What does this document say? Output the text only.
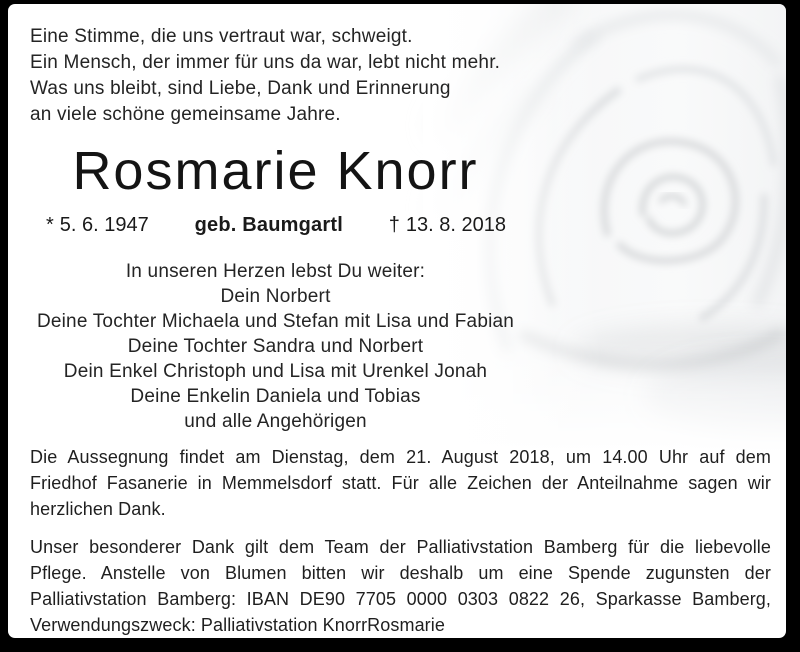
Eine Stimme, die uns vertraut war, schweigt.
Ein Mensch, der immer für uns da war, lebt nicht mehr.
Was uns bleibt, sind Liebe, Dank und Erinnerung
an viele schöne gemeinsame Jahre.
Rosmarie Knorr
* 5. 6. 1947 geb. Baumgartl † 13. 8. 2018
In unseren Herzen lebst Du weiter:
Dein Norbert
Deine Tochter Michaela und Stefan mit Lisa und Fabian
Deine Tochter Sandra und Norbert
Dein Enkel Christoph und Lisa mit Urenkel Jonah
Deine Enkelin Daniela und Tobias
und alle Angehörigen
Die Aussegnung findet am Dienstag, dem 21. August 2018, um 14.00 Uhr auf dem
Friedhof Fasanerie in Memmelsdorf statt. Für alle Zeichen der Anteilnahme sagen wir
herzlichen Dank.
Unser besonderer Dank gilt dem Team der Palliativstation Bamberg für die liebevolle
Pflege. Anstelle von Blumen bitten wir deshalb um eine Spende zugunsten der
Palliativstation Bamberg: IBAN DE90 7705 0000 0303 0822 26, Sparkasse Bamberg,
Verwendungszweck: Palliativstation KnorrRosmarie
